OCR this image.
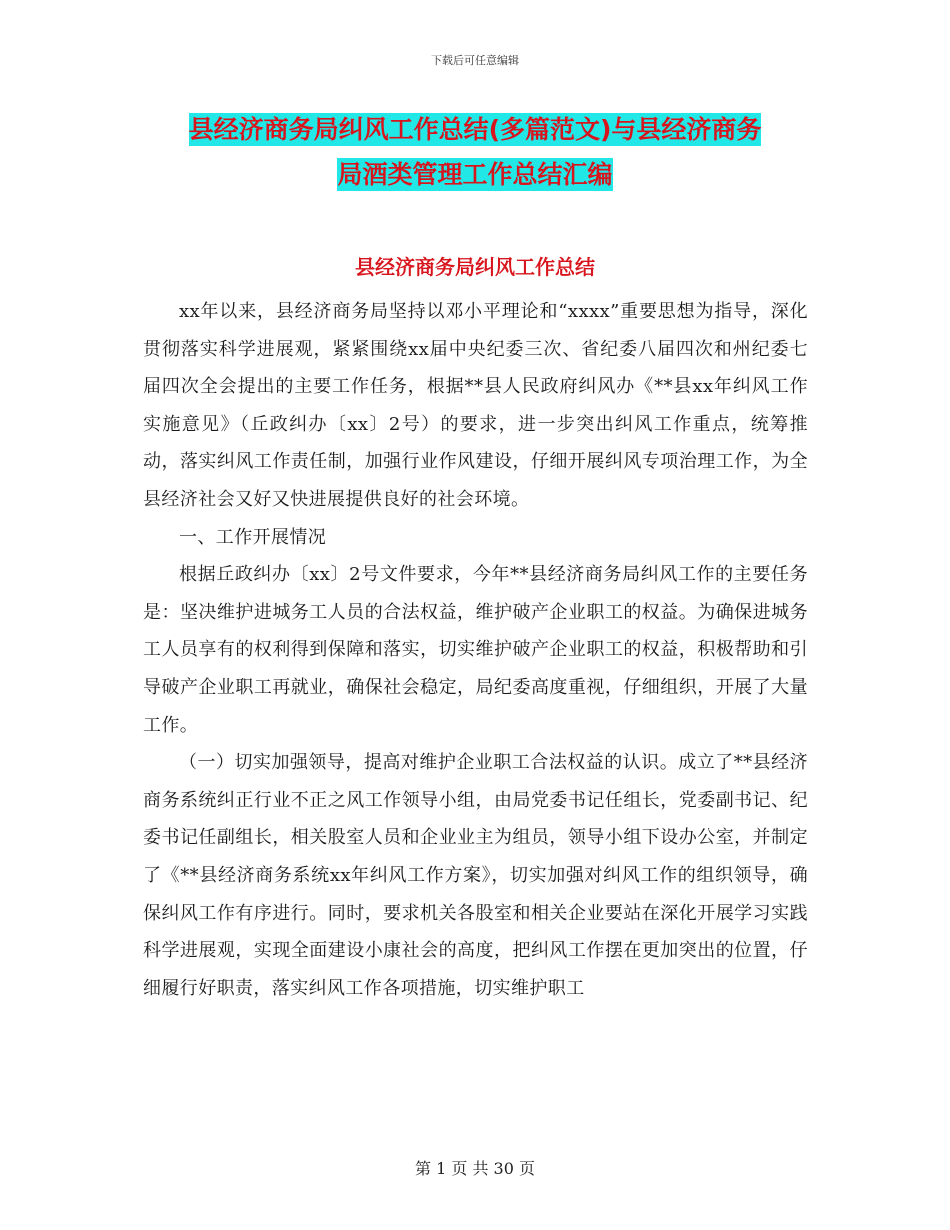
下载后可任意编辑
县经济商务局纠风工作总结(多篇范文)与县经济商务
局酒类管理工作总结汇编
县经济商务局纠风工作总结

xx年以来，县经济商务局坚持以邓小平理论和“xxxx”重要思想为指导，深化贯彻落实科学进展观，紧紧围绕xx届中央纪委三次、省纪委八届四次和州纪委七届四次全会提出的主要工作任务，根据**县人民政府纠风办《**县xx年纠风工作实施意见》（丘政纠办〔xx〕2号）的要求，进一步突出纠风工作重点，统筹推动，落实纠风工作责任制，加强行业作风建设，仔细开展纠风专项治理工作，为全县经济社会又好又快进展提供良好的社会环境。

一、工作开展情况

根据丘政纠办〔xx〕2号文件要求，今年**县经济商务局纠风工作的主要任务是：坚决维护进城务工人员的合法权益，维护破产企业职工的权益。为确保进城务工人员享有的权利得到保障和落实，切实维护破产企业职工的权益，积极帮助和引导破产企业职工再就业，确保社会稳定，局纪委高度重视，仔细组织，开展了大量工作。

（一）切实加强领导，提高对维护企业职工合法权益的认识。成立了**县经济商务系统纠正行业不正之风工作领导小组，由局党委书记任组长，党委副书记、纪委书记任副组长，相关股室人员和企业业主为组员，领导小组下设办公室，并制定了《**县经济商务系统xx年纠风工作方案》，切实加强对纠风工作的组织领导，确保纠风工作有序进行。同时，要求机关各股室和相关企业要站在深化开展学习实践科学进展观，实现全面建设小康社会的高度，把纠风工作摆在更加突出的位置，仔细履行好职责，落实纠风工作各项措施，切实维护职工

第 1 页 共 30 页
